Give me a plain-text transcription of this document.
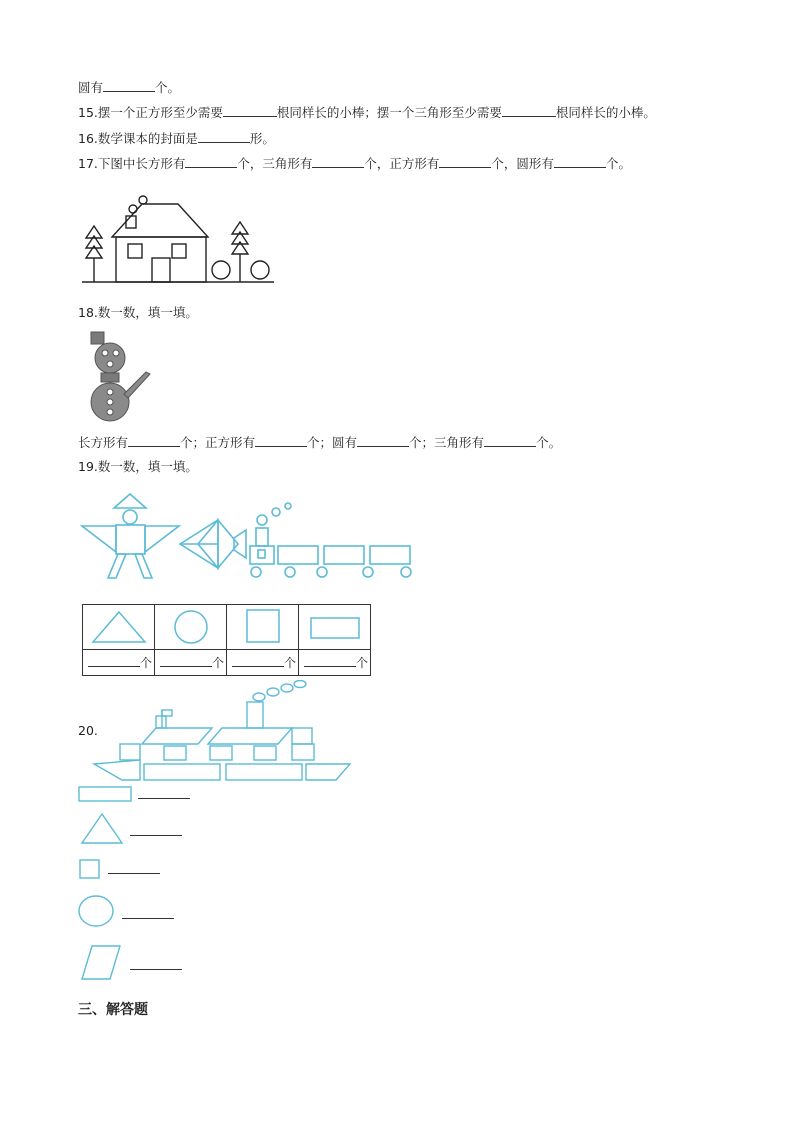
圆有	个。
15.摆一个正方形至少需要	根同样长的小棒；摆一个三角形至少需要	根同样长的小棒。
16.数学课本的封面是	形。
17.下图中长方形有	个，三角形有	个，正方形有	个，圆形有	个。
18.数一数，填一填。
长方形有	个；正方形有	个；圆有	个；三角形有	个。
19.数一数，填一填。

个	个	个	个
20.

三、解答题
